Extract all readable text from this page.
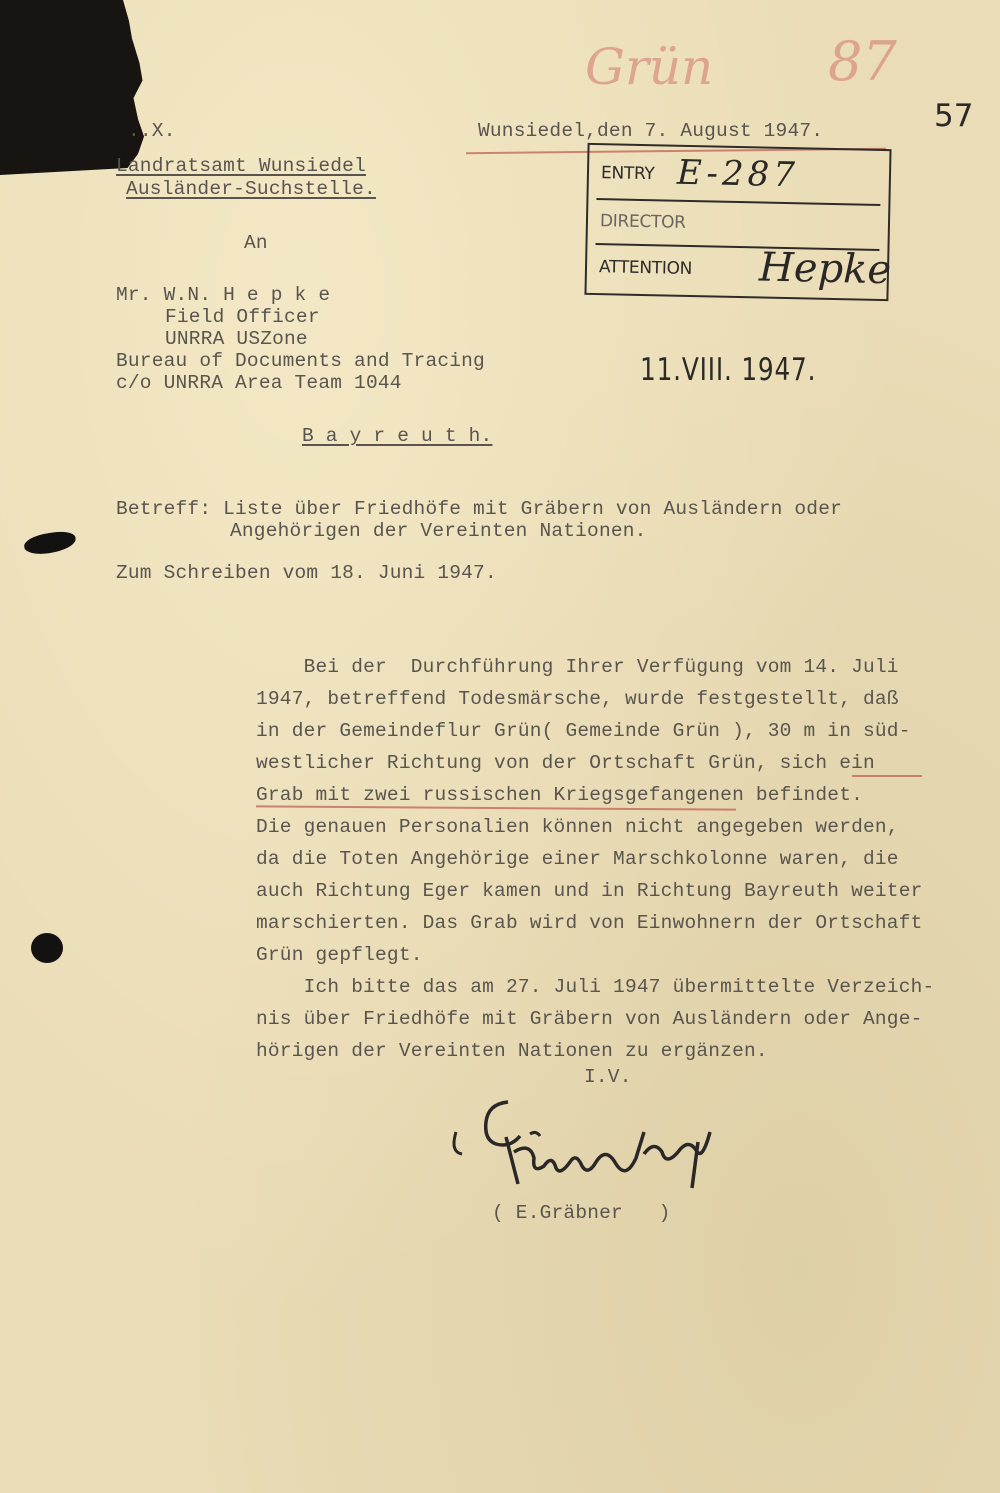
Grün 87
57
..X.	Wunsiedel,den 7. August 1947.
Landratsamt Wunsiedel
Ausländer-Suchstelle.
ENTRY E-287
DIRECTOR
ATTENTION Hepke
An
Mr. W.N. H e p k e
Field Officer
UNRRA USZone
Bureau of Documents and Tracing
c/o UNRRA Area Team 1044	11.VIII. 1947.
B a y r e u t h.
Betreff: Liste über Friedhöfe mit Gräbern von Ausländern oder
Angehörigen der Vereinten Nationen.
Zum Schreiben vom 18. Juni 1947.
Bei der  Durchführung Ihrer Verfügung vom 14. Juli
1947, betreffend Todesmärsche, wurde festgestellt, daß
in der Gemeindeflur Grün( Gemeinde Grün ), 30 m in süd-
westlicher Richtung von der Ortschaft Grün, sich ein
Grab mit zwei russischen Kriegsgefangenen befindet.
Die genauen Personalien können nicht angegeben werden,
da die Toten Angehörige einer Marschkolonne waren, die
auch Richtung Eger kamen und in Richtung Bayreuth weiter
marschierten. Das Grab wird von Einwohnern der Ortschaft
Grün gepflegt.
Ich bitte das am 27. Juli 1947 übermittelte Verzeich-
nis über Friedhöfe mit Gräbern von Ausländern oder Ange-
hörigen der Vereinten Nationen zu ergänzen.
I.V.
( E.Gräbner   )
